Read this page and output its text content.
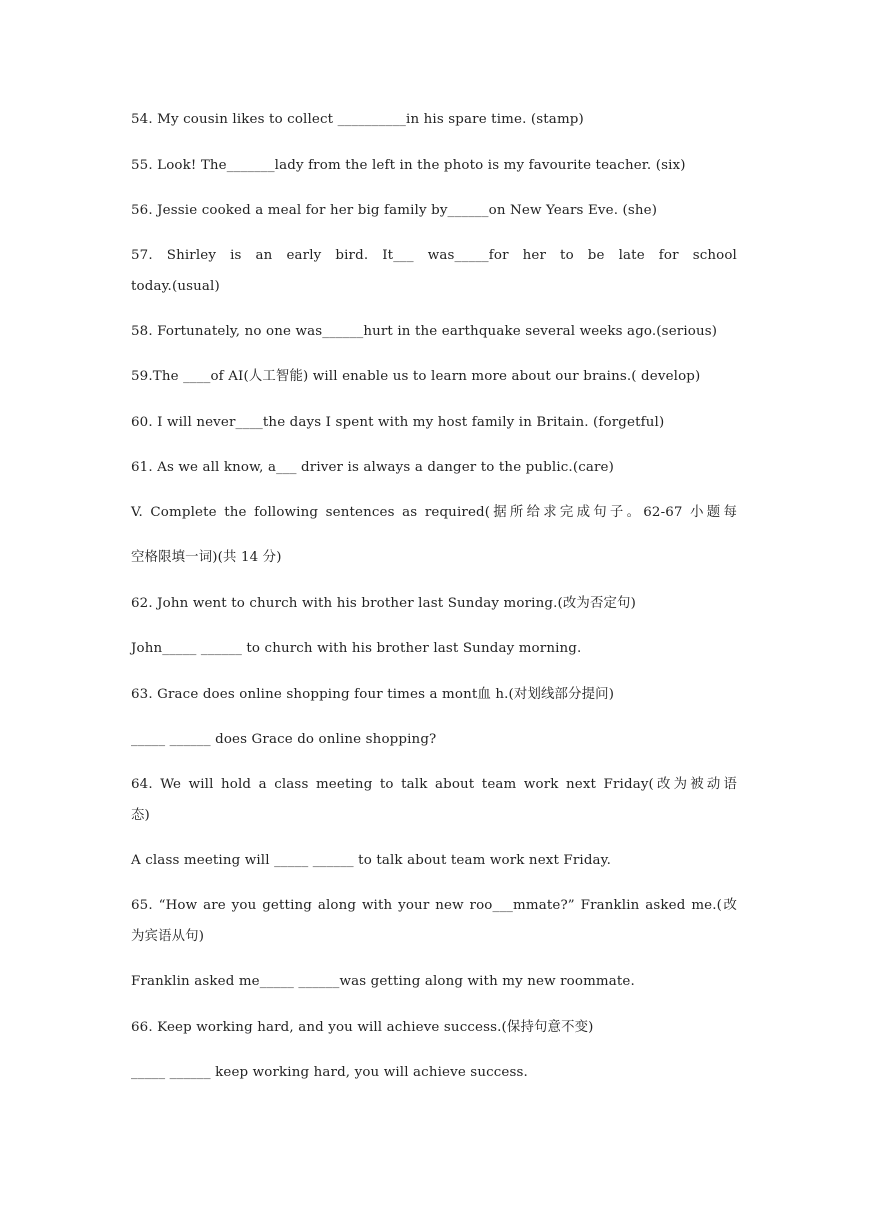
54. My cousin likes to collect __________in his spare time. (stamp)
55. Look! The_______lady from the left in the photo is my favourite teacher. (six)
56. Jessie cooked a meal for her big family by______on New Years Eve. (she)
57. Shirley is an early bird. It___ was_____for her to be late for school
today.(usual)
58. Fortunately, no one was______hurt in the earthquake several weeks ago.(serious)
59.The ____of AI(人工智能) will enable us to learn more about our brains.( develop)
60. I will never____the days I spent with my host family in Britain. (forgetful)
61. As we all know, a___ driver is always a danger to the public.(care)
V. Complete the following sentences as required(据所给求完成句子。62-67 小题每
空格限填一词)(共 14 分)
62. John went to church with his brother last Sunday moring.(改为否定句)
John_____ ______ to church with his brother last Sunday morning.
63. Grace does online shopping four times a mont血 h.(对划线部分提问)
_____ ______ does Grace do online shopping?
64. We will hold a class meeting to talk about team work next Friday(改为被动语
态)
A class meeting will _____ ______ to talk about team work next Friday.
65. “How are you getting along with your new roo___mmate?” Franklin asked me.(改
为宾语从句)
Franklin asked me_____ ______was getting along with my new roommate.
66. Keep working hard, and you will achieve success.(保持句意不变)
_____ ______ keep working hard, you will achieve success.
